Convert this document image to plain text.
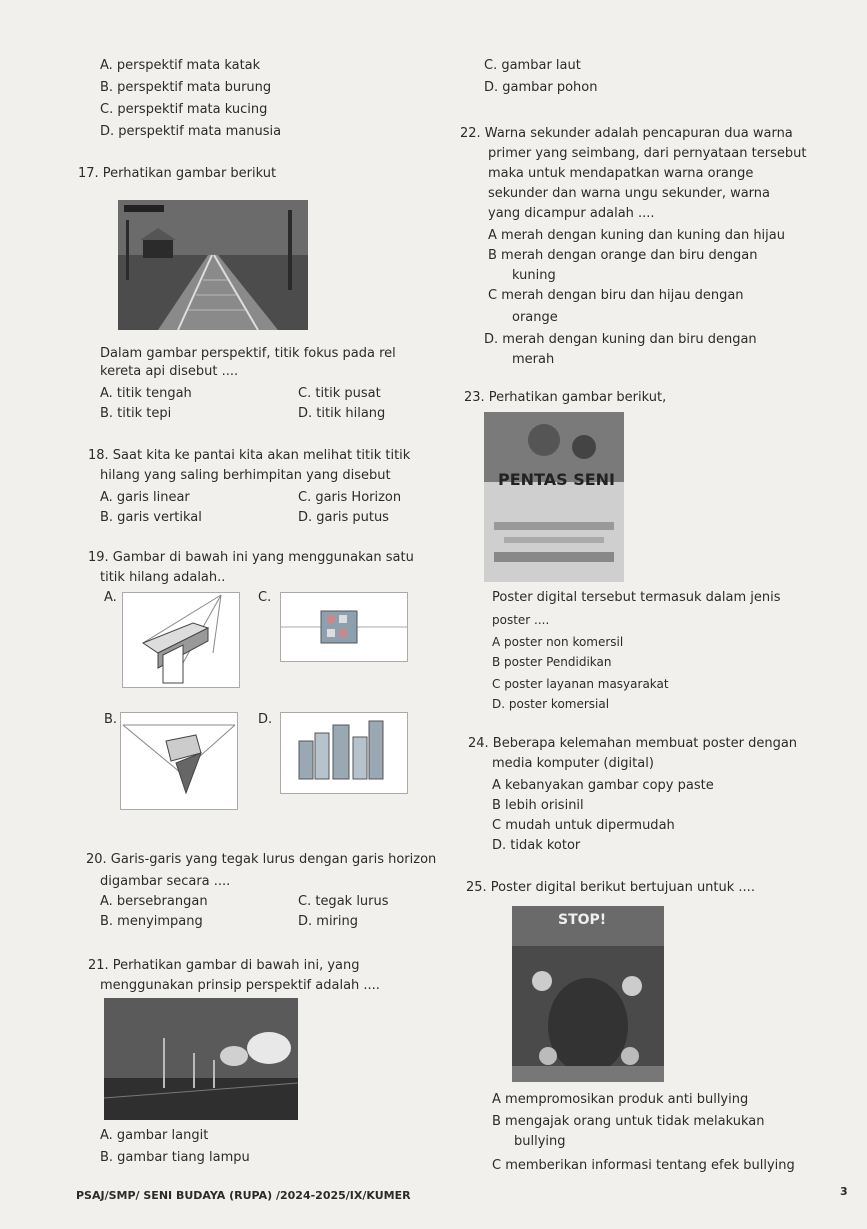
A. perspektif mata katak
B. perspektif mata burung
C. perspektif mata kucing
D. perspektif mata manusia
17. Perhatikan gambar berikut
Dalam gambar perspektif, titik fokus pada rel
kereta api disebut ....
A. titik tengah
B. titik tepi
C. titik pusat
D. titik hilang
18. Saat kita ke pantai kita akan melihat titik titik
hilang yang saling berhimpitan yang disebut
A. garis linear
B. garis vertikal
C. garis Horizon
D. garis putus
19. Gambar di bawah ini yang menggunakan satu
titik hilang adalah..
A.	C.
B.	D.
20. Garis-garis yang tegak lurus dengan garis horizon
digambar secara ....
A. bersebrangan
B. menyimpang
C. tegak lurus
D. miring
21. Perhatikan gambar di bawah ini, yang
menggunakan prinsip perspektif adalah ....
A. gambar langit
B. gambar tiang lampu
C. gambar laut
D. gambar pohon
22. Warna sekunder adalah pencapuran dua warna
primer yang seimbang, dari pernyataan tersebut
maka untuk mendapatkan warna orange
sekunder dan warna ungu sekunder, warna
yang dicampur adalah ....
A merah dengan kuning dan kuning dan hijau
B merah dengan orange dan biru dengan
kuning
C merah dengan biru dan hijau dengan
orange
D. merah dengan kuning dan biru dengan
merah
23. Perhatikan gambar berikut,
PENTAS SENI
Poster digital tersebut termasuk dalam jenis
poster ....
A poster non komersil
B poster Pendidikan
C poster layanan masyarakat
D. poster komersial
24. Beberapa kelemahan membuat poster dengan
media komputer (digital)
A kebanyakan gambar copy paste
B lebih orisinil
C mudah untuk dipermudah
D. tidak kotor
25. Poster digital berikut bertujuan untuk ....
STOP!
A mempromosikan produk anti bullying
B mengajak orang untuk tidak melakukan
bullying
C memberikan informasi tentang efek bullying
PSAJ/SMP/ SENI BUDAYA (RUPA) /2024-2025/IX/KUMER	3
